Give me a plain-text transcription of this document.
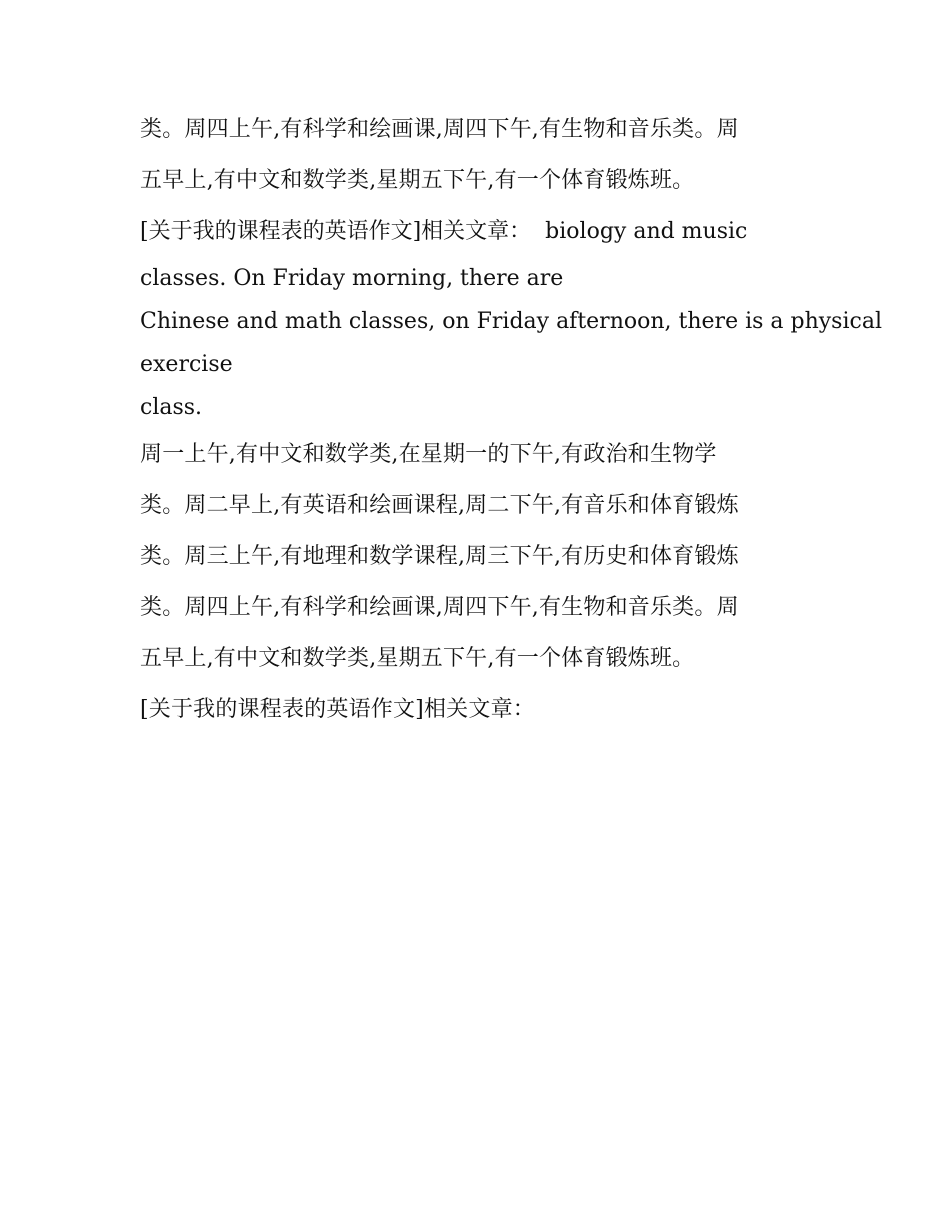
类。周四上午,有科学和绘画课,周四下午,有生物和音乐类。周
五早上,有中文和数学类,星期五下午,有一个体育锻炼班。
[关于我的课程表的英语作文]相关文章： biology and music
classes. On Friday morning, there are
Chinese and math classes, on Friday afternoon, there is a physical
exercise
class.
周一上午,有中文和数学类,在星期一的下午,有政治和生物学
类。周二早上,有英语和绘画课程,周二下午,有音乐和体育锻炼
类。周三上午,有地理和数学课程,周三下午,有历史和体育锻炼
类。周四上午,有科学和绘画课,周四下午,有生物和音乐类。周
五早上,有中文和数学类,星期五下午,有一个体育锻炼班。
[关于我的课程表的英语作文]相关文章：
